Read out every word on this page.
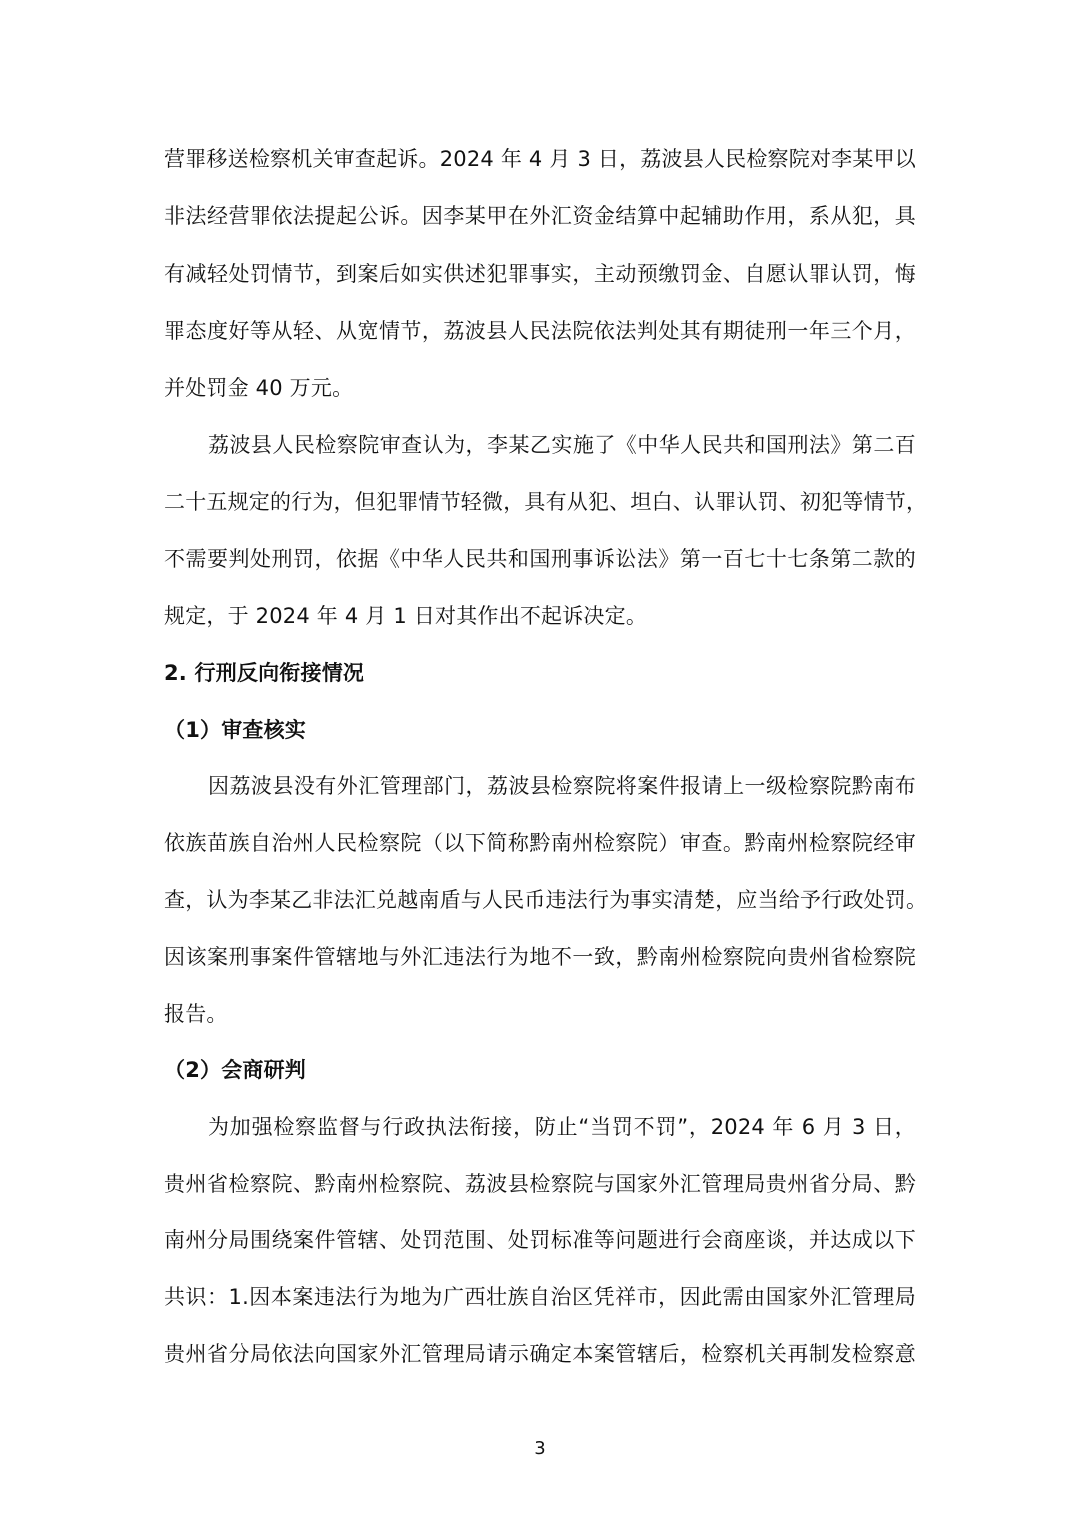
营罪移送检察机关审查起诉。2024 年 4 月 3 日，荔波县人民检察院对李某甲以
非法经营罪依法提起公诉。因李某甲在外汇资金结算中起辅助作用，系从犯，具
有减轻处罚情节，到案后如实供述犯罪事实，主动预缴罚金、自愿认罪认罚，悔
罪态度好等从轻、从宽情节，荔波县人民法院依法判处其有期徒刑一年三个月，
并处罚金 40 万元。
荔波县人民检察院审查认为，李某乙实施了《中华人民共和国刑法》第二百
二十五规定的行为，但犯罪情节轻微，具有从犯、坦白、认罪认罚、初犯等情节，
不需要判处刑罚，依据《中华人民共和国刑事诉讼法》第一百七十七条第二款的
规定，于 2024 年 4 月 1 日对其作出不起诉决定。
2. 行刑反向衔接情况
（1）审查核实
因荔波县没有外汇管理部门，荔波县检察院将案件报请上一级检察院黔南布
依族苗族自治州人民检察院（以下简称黔南州检察院）审查。黔南州检察院经审
查，认为李某乙非法汇兑越南盾与人民币违法行为事实清楚，应当给予行政处罚。
因该案刑事案件管辖地与外汇违法行为地不一致，黔南州检察院向贵州省检察院
报告。
（2）会商研判
为加强检察监督与行政执法衔接，防止“当罚不罚”，2024 年 6 月 3 日，
贵州省检察院、黔南州检察院、荔波县检察院与国家外汇管理局贵州省分局、黔
南州分局围绕案件管辖、处罚范围、处罚标准等问题进行会商座谈，并达成以下
共识：1.因本案违法行为地为广西壮族自治区凭祥市，因此需由国家外汇管理局
贵州省分局依法向国家外汇管理局请示确定本案管辖后，检察机关再制发检察意
3
